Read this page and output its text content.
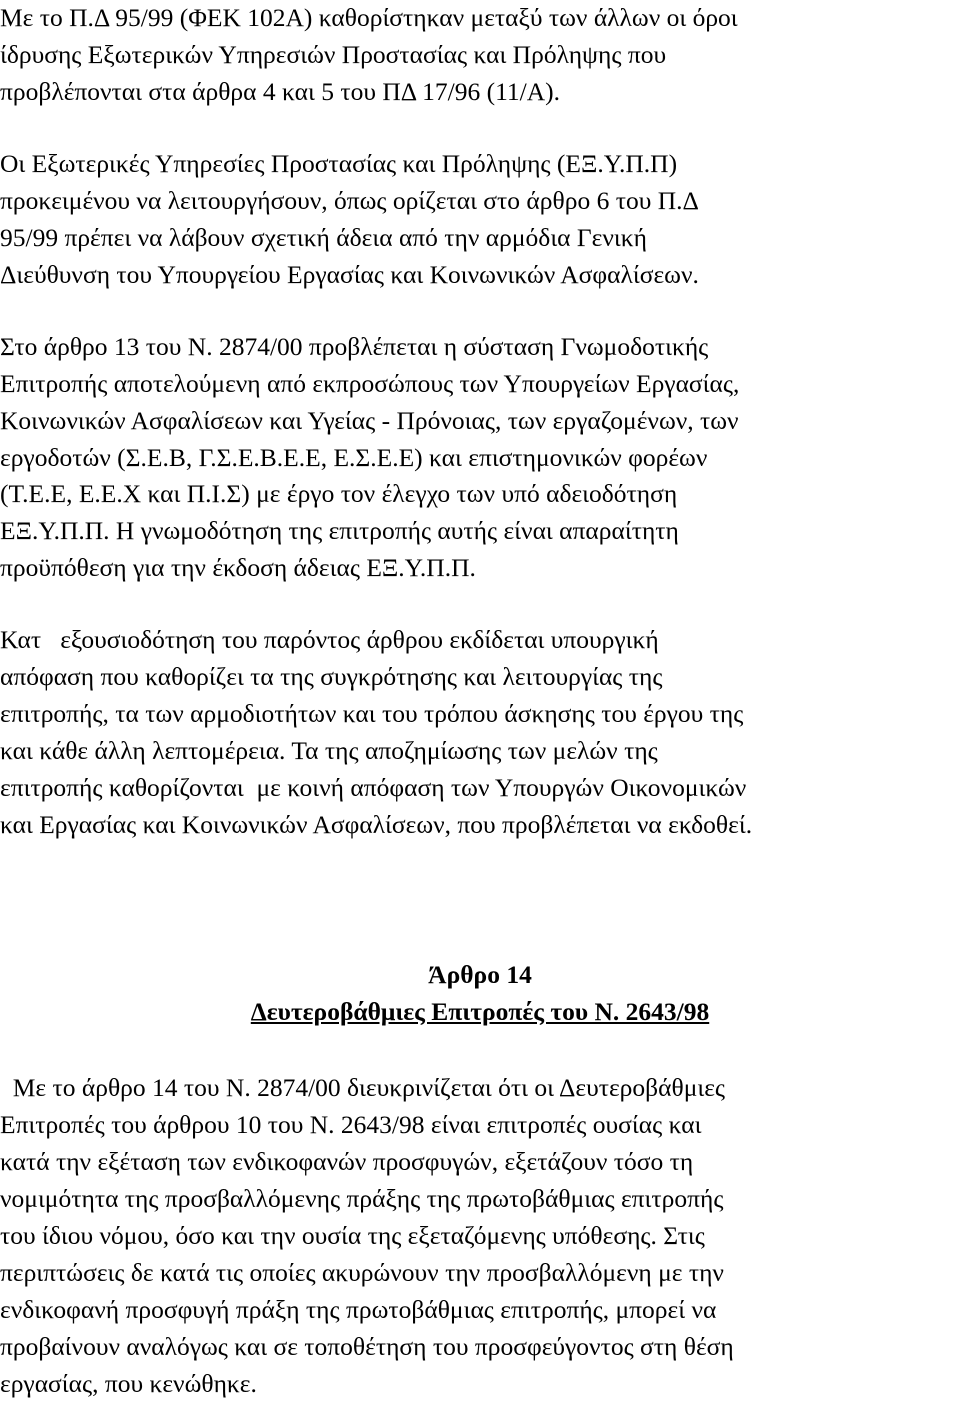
Με το Π.Δ 95/99 (ΦΕΚ 102Α) καθορίστηκαν μεταξύ των άλλων οι όροι
ίδρυσης Εξωτερικών Υπηρεσιών Προστασίας και Πρόληψης που
προβλέπονται στα άρθρα 4 και 5 του ΠΔ 17/96 (11/Α).
Οι Εξωτερικές Υπηρεσίες Προστασίας και Πρόληψης (ΕΞ.Υ.Π.Π)
προκειμένου να λειτουργήσουν, όπως ορίζεται στο άρθρο 6 του Π.Δ
95/99 πρέπει να λάβουν σχετική άδεια από την αρμόδια Γενική
Διεύθυνση του Υπουργείου Εργασίας και Κοινωνικών Ασφαλίσεων.
Στο άρθρο 13 του Ν. 2874/00 προβλέπεται η σύσταση Γνωμοδοτικής
Επιτροπής αποτελούμενη από εκπροσώπους των Υπουργείων Εργασίας,
Κοινωνικών Ασφαλίσεων και Υγείας - Πρόνοιας, των εργαζομένων, των
εργοδοτών (Σ.Ε.Β, Γ.Σ.Ε.Β.Ε.Ε, Ε.Σ.Ε.Ε) και επιστημονικών φορέων
(Τ.Ε.Ε, Ε.Ε.Χ και Π.Ι.Σ) με έργο τον έλεγχο των υπό αδειοδότηση
ΕΞ.Υ.Π.Π. Η γνωμοδότηση της επιτροπής αυτής είναι απαραίτητη
προϋπόθεση για την έκδοση άδειας ΕΞ.Υ.Π.Π.
Κατ   εξουσιοδότηση του παρόντος άρθρου εκδίδεται υπουργική
απόφαση που καθορίζει τα της συγκρότησης και λειτουργίας της
επιτροπής, τα των αρμοδιοτήτων και του τρόπου άσκησης του έργου της
και κάθε άλλη λεπτομέρεια. Τα της αποζημίωσης των μελών της
επιτροπής καθορίζονται  με κοινή απόφαση των Υπουργών Οικονομικών
και Εργασίας και Κοινωνικών Ασφαλίσεων, που προβλέπεται να εκδοθεί.
Άρθρο 14
Δευτεροβάθμιες Επιτροπές του Ν. 2643/98
Με το άρθρο 14 του Ν. 2874/00 διευκρινίζεται ότι οι Δευτεροβάθμιες
Επιτροπές του άρθρου 10 του Ν. 2643/98 είναι επιτροπές ουσίας και
κατά την εξέταση των ενδικοφανών προσφυγών, εξετάζουν τόσο τη
νομιμότητα της προσβαλλόμενης πράξης της πρωτοβάθμιας επιτροπής
του ίδιου νόμου, όσο και την ουσία της εξεταζόμενης υπόθεσης. Στις
περιπτώσεις δε κατά τις οποίες ακυρώνουν την προσβαλλόμενη με την
ενδικοφανή προσφυγή πράξη της πρωτοβάθμιας επιτροπής, μπορεί να
προβαίνουν αναλόγως και σε τοποθέτηση του προσφεύγοντος στη θέση
εργασίας, που κενώθηκε.
